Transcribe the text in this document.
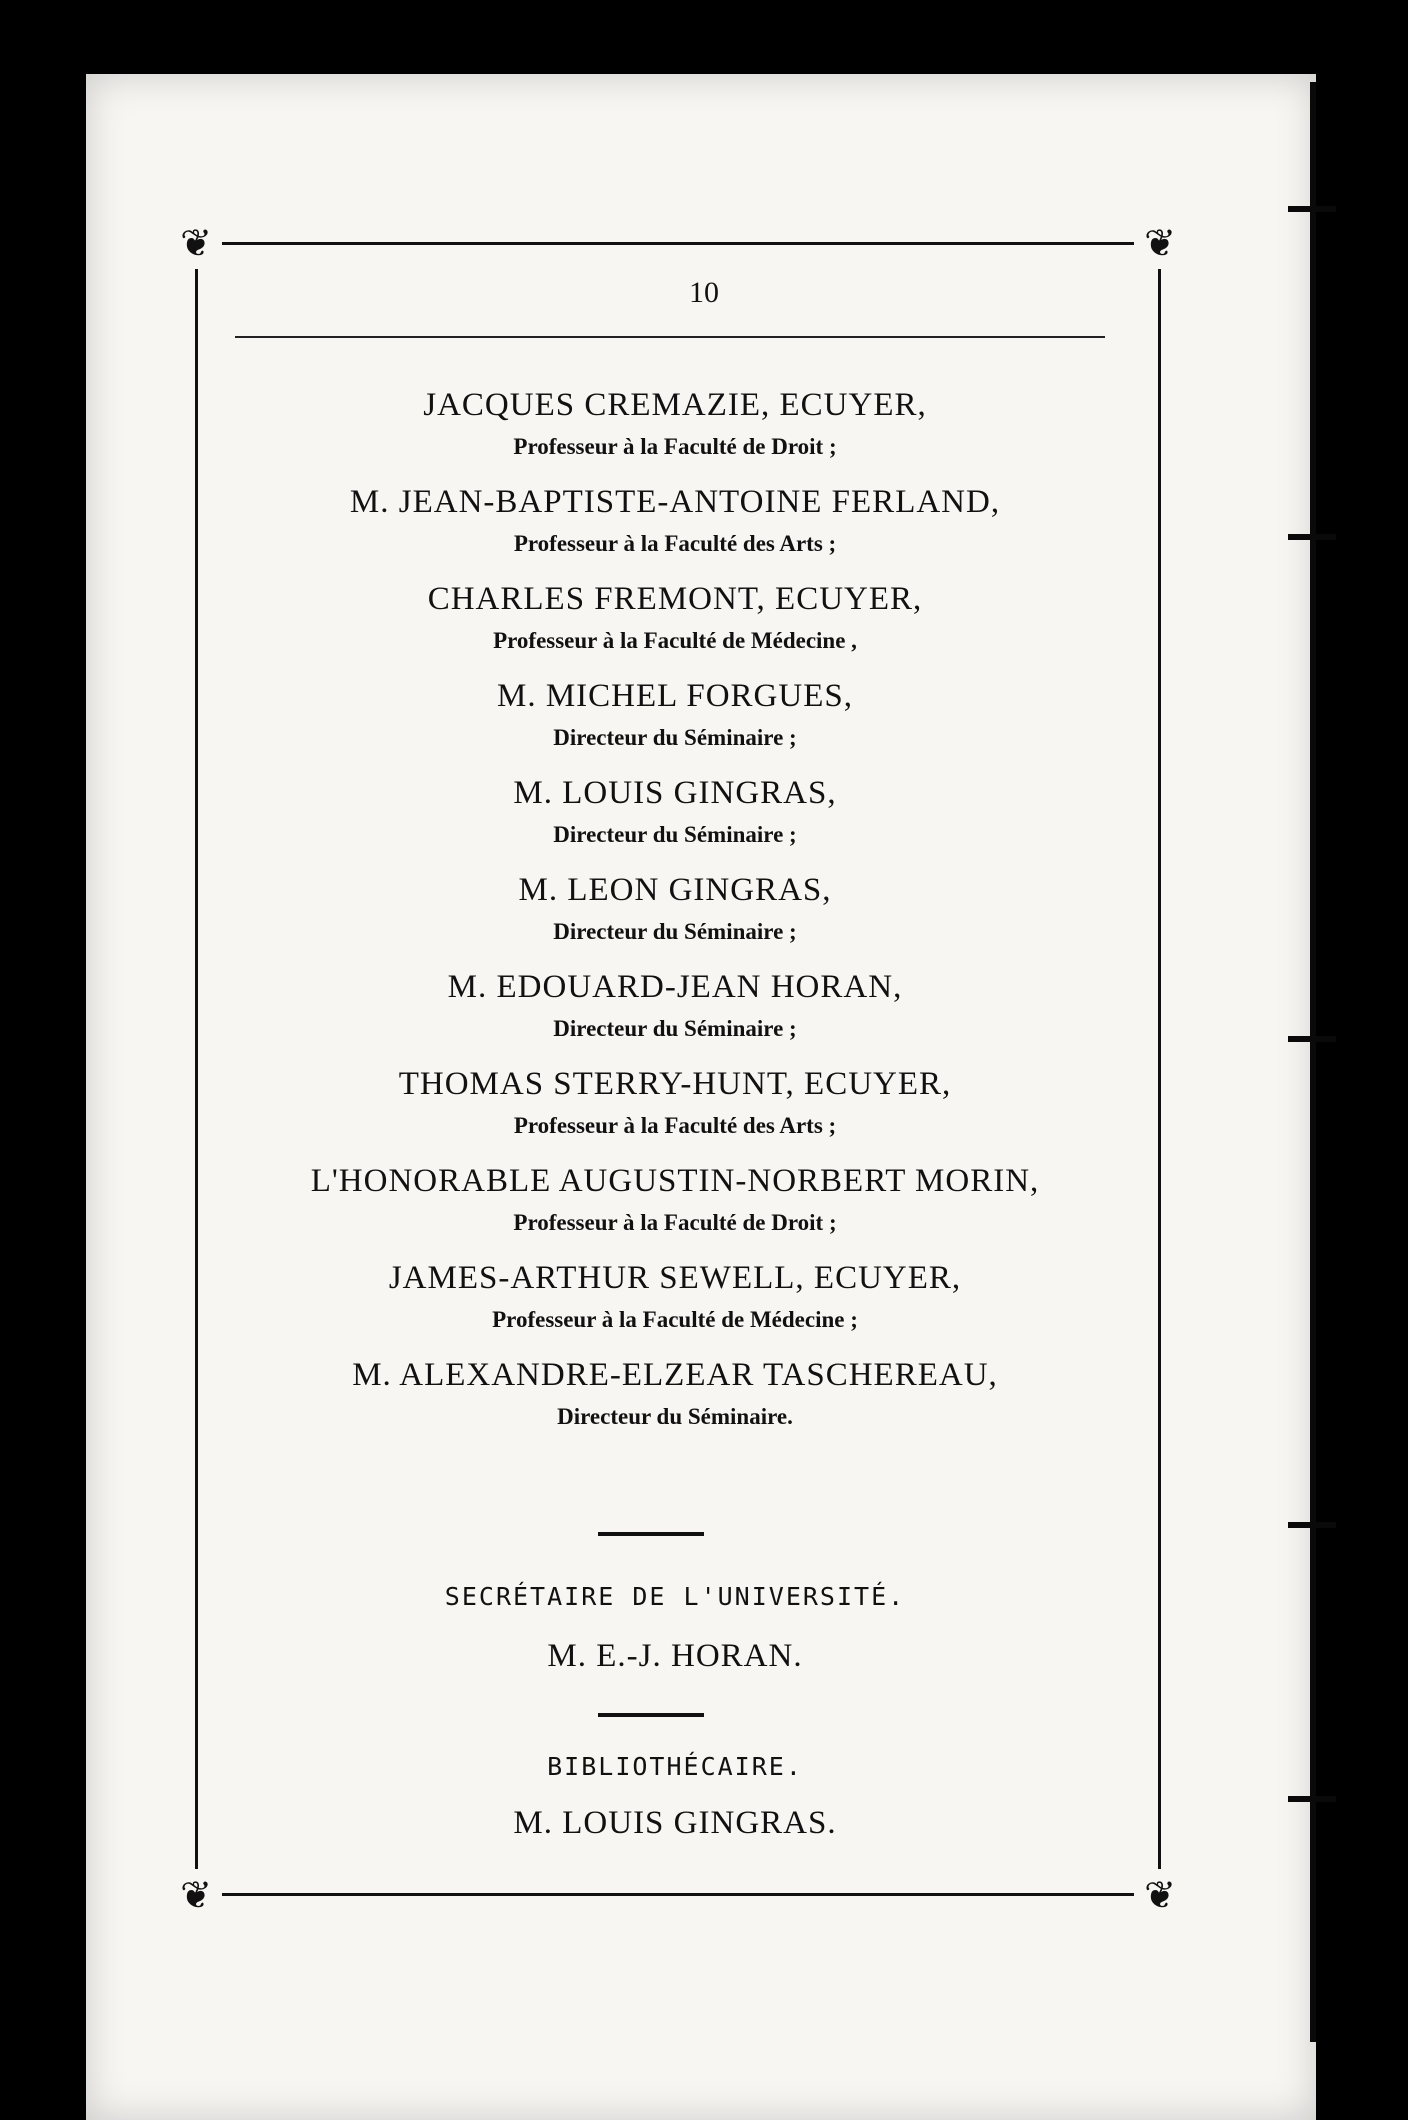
❦	❦
❦	❦
10
JACQUES CREMAZIE, ECUYER,
Professeur à la Faculté de Droit ;
M. JEAN-BAPTISTE-ANTOINE FERLAND,
Professeur à la Faculté des Arts ;
CHARLES FREMONT, ECUYER,
Professeur à la Faculté de Médecine ,
M. MICHEL FORGUES,
Directeur du Séminaire ;
M. LOUIS GINGRAS,
Directeur du Séminaire ;
M. LEON GINGRAS,
Directeur du Séminaire ;
M. EDOUARD-JEAN HORAN,
Directeur du Séminaire ;
THOMAS STERRY-HUNT, ECUYER,
Professeur à la Faculté des Arts ;
L'HONORABLE AUGUSTIN-NORBERT MORIN,
Professeur à la Faculté de Droit ;
JAMES-ARTHUR SEWELL, ECUYER,
Professeur à la Faculté de Médecine ;
M. ALEXANDRE-ELZEAR TASCHEREAU,
Directeur du Séminaire.
SECRÉTAIRE DE L'UNIVERSITÉ.
M. E.-J. HORAN.
BIBLIOTHÉCAIRE.
M. LOUIS GINGRAS.
